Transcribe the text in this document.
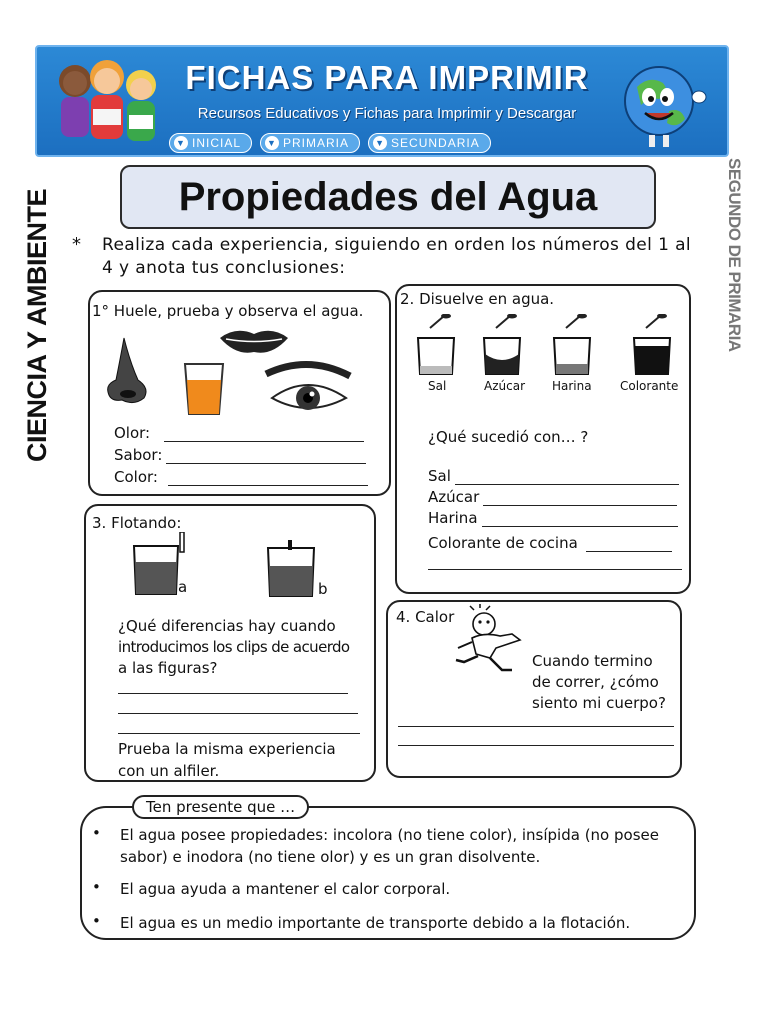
FICHAS PARA IMPRIMIR
Recursos Educativos y Fichas para Imprimir y Descargar
▼ INICIAL	▼ PRIMARIA	▼ SECUNDARIA
CIENCIA Y AMBIENTE	SEGUNDO DE PRIMARIA
Propiedades del Agua
* Realiza cada experiencia, siguiendo en orden los números del 1 al 4 y anota tus conclusiones:
1° Huele, prueba y observa el agua.
Olor:
Sabor:
Color:
2. Disuelve en agua.
Sal	Azúcar Harina Colorante
¿Qué sucedió con… ?
Sal
Azúcar
Harina
Colorante de cocina
3. Flotando:
a	b
¿Qué diferencias hay cuando
introducimos los clips de acuerdo
a las figuras?
Prueba la misma experiencia
con un alfiler.
4. Calor
Cuando termino
de correr, ¿cómo
siento mi cuerpo?
Ten presente que …
• El agua posee propiedades: incolora (no tiene color), insípida (no posee sabor) e inodora (no tiene olor) y es un gran disolvente.
• El agua ayuda a mantener el calor corporal.
• El agua es un medio importante de transporte debido a la flotación.
